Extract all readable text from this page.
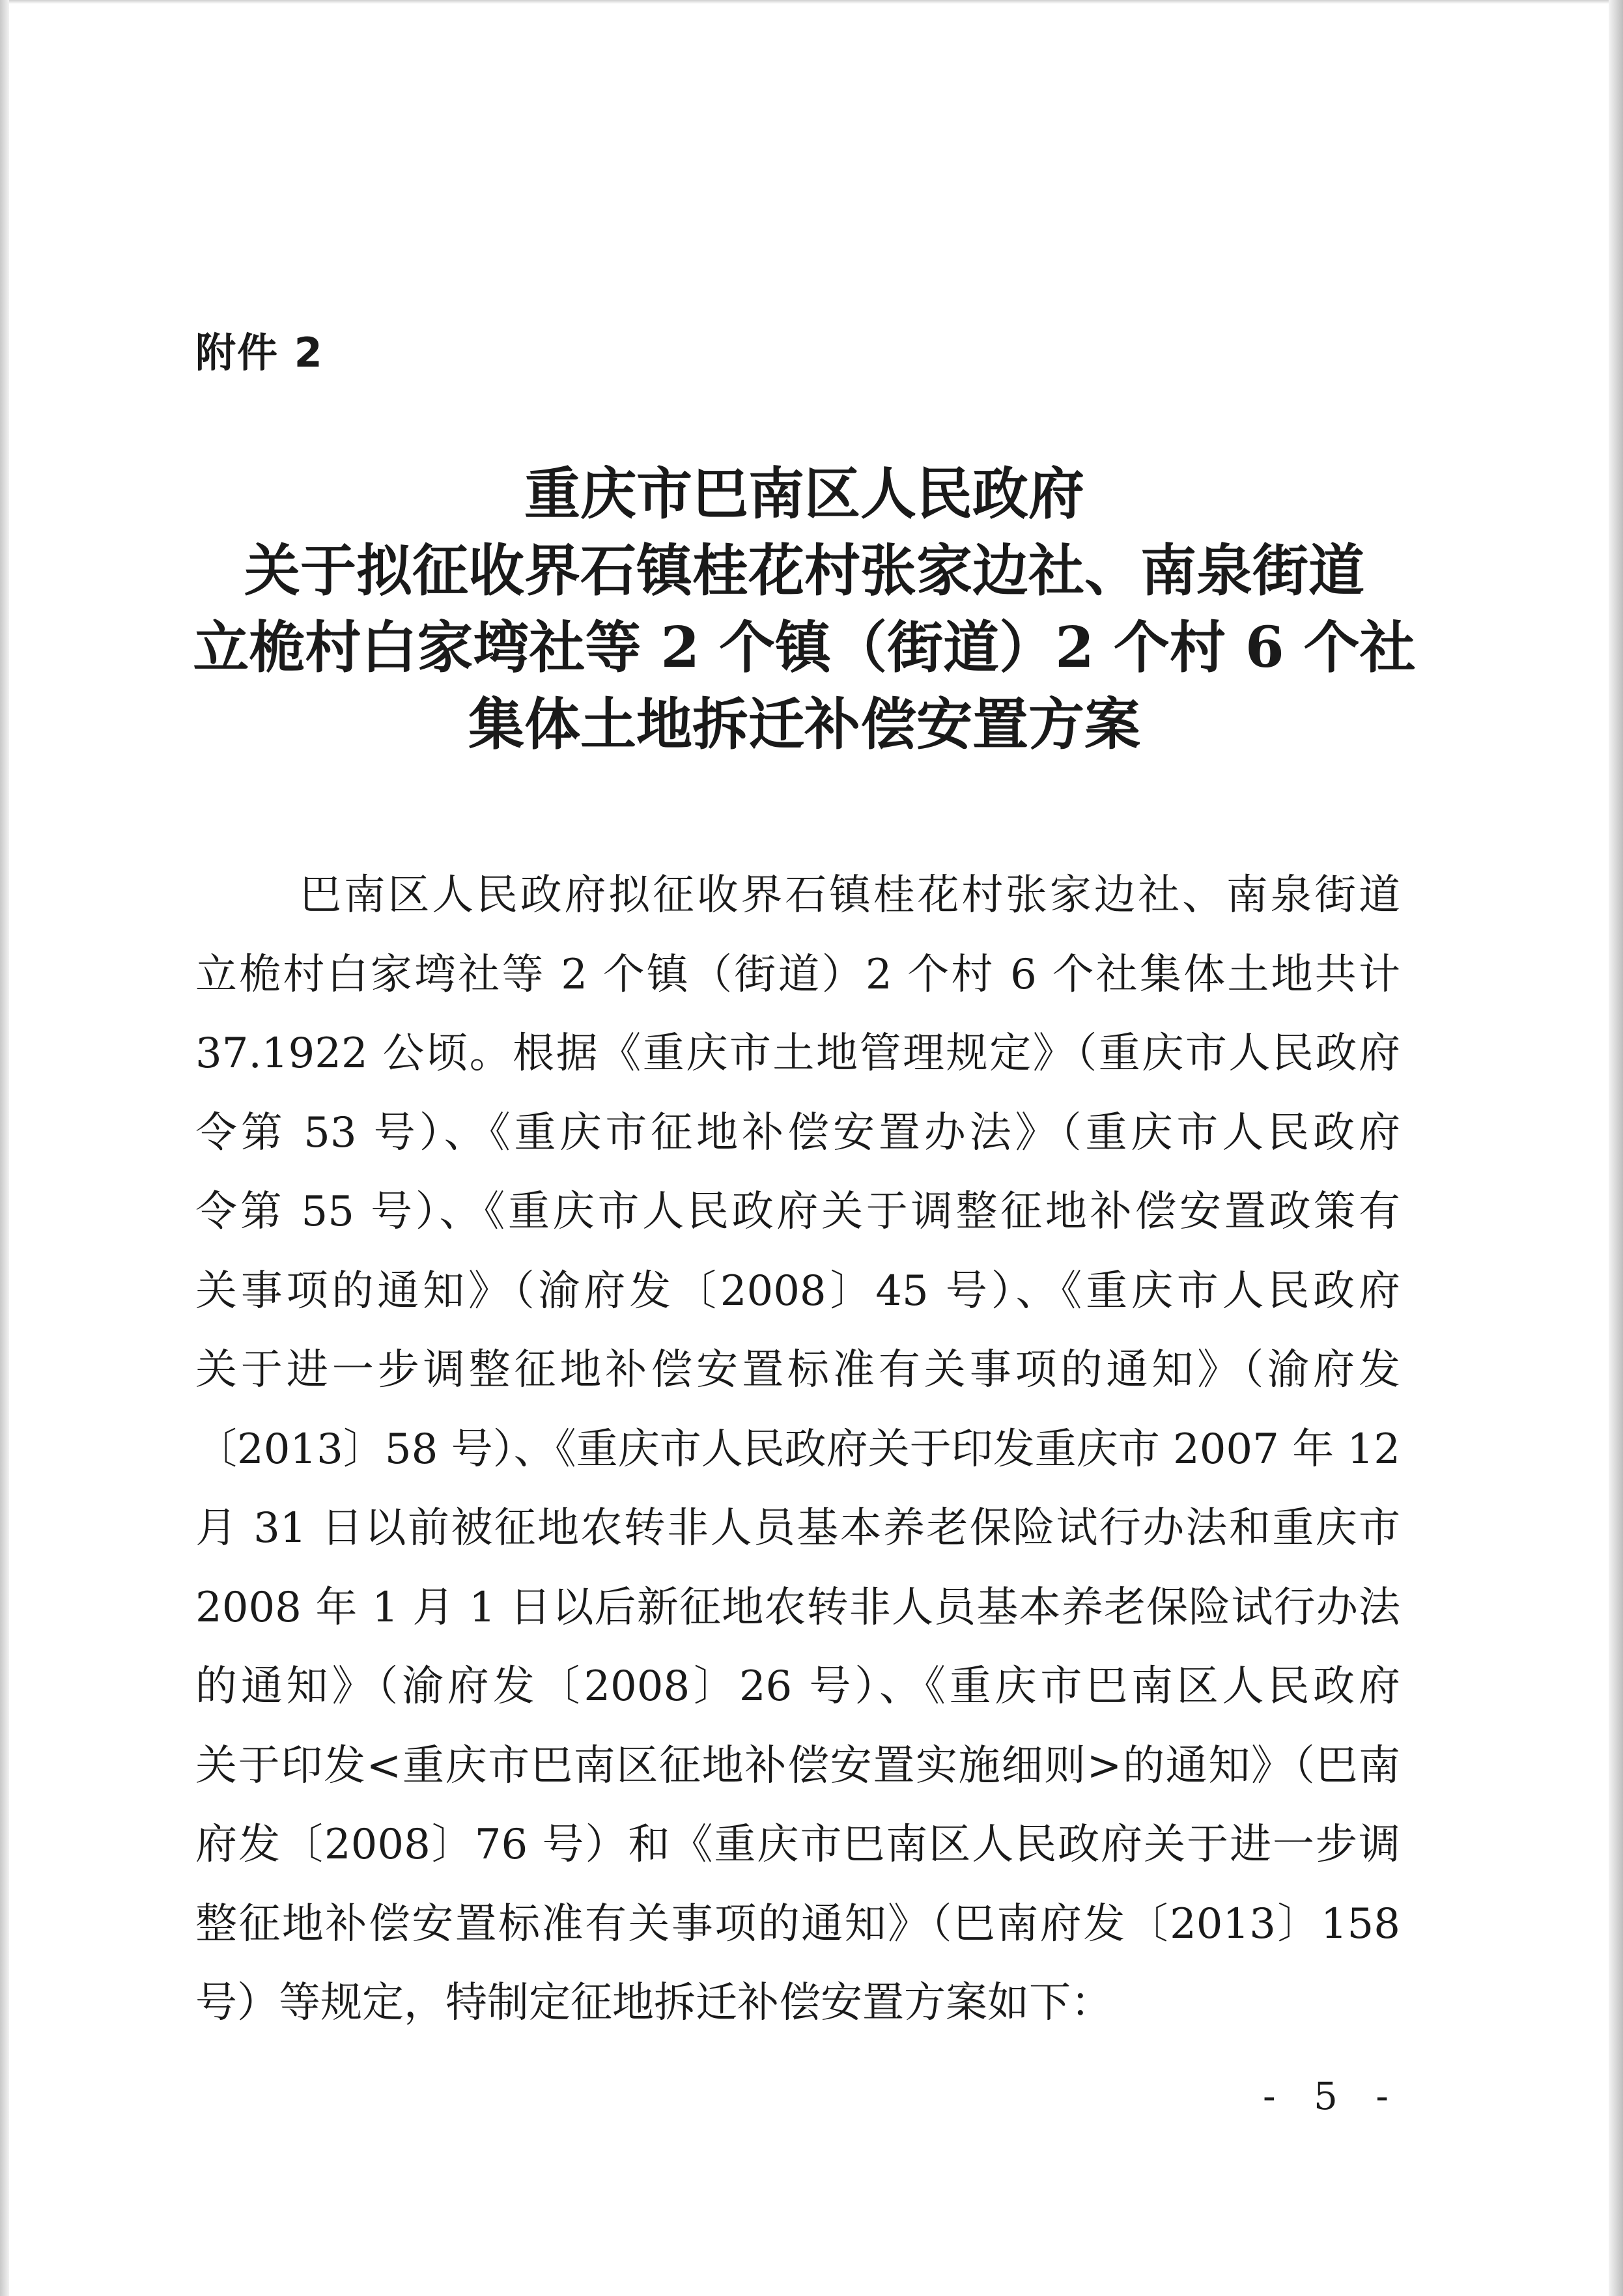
附件 2
重庆市巴南区人民政府
关于拟征收界石镇桂花村张家边社、南泉街道
立桅村白家塆社等 2 个镇（街道）2 个村 6 个社
集体土地拆迁补偿安置方案
巴南区人民政府拟征收界石镇桂花村张家边社、南泉街道
立桅村白家塆社等 2 个镇（街道）2 个村 6 个社集体土地共计
37.1922 公顷。根据《重庆市土地管理规定》（重庆市人民政府
令第 53 号）、《重庆市征地补偿安置办法》（重庆市人民政府
令第 55 号）、《重庆市人民政府关于调整征地补偿安置政策有
关事项的通知》（渝府发〔2008〕45 号）、《重庆市人民政府
关于进一步调整征地补偿安置标准有关事项的通知》（渝府发
〔2013〕58 号）、《重庆市人民政府关于印发重庆市 2007 年 12
月 31 日以前被征地农转非人员基本养老保险试行办法和重庆市
2008 年 1 月 1 日以后新征地农转非人员基本养老保险试行办法
的通知》（渝府发〔2008〕26 号）、《重庆市巴南区人民政府
关于印发<重庆市巴南区征地补偿安置实施细则>的通知》（巴南
府发〔2008〕76 号）和《重庆市巴南区人民政府关于进一步调
整征地补偿安置标准有关事项的通知》（巴南府发〔2013〕158
号）等规定，特制定征地拆迁补偿安置方案如下：
- 5 -
